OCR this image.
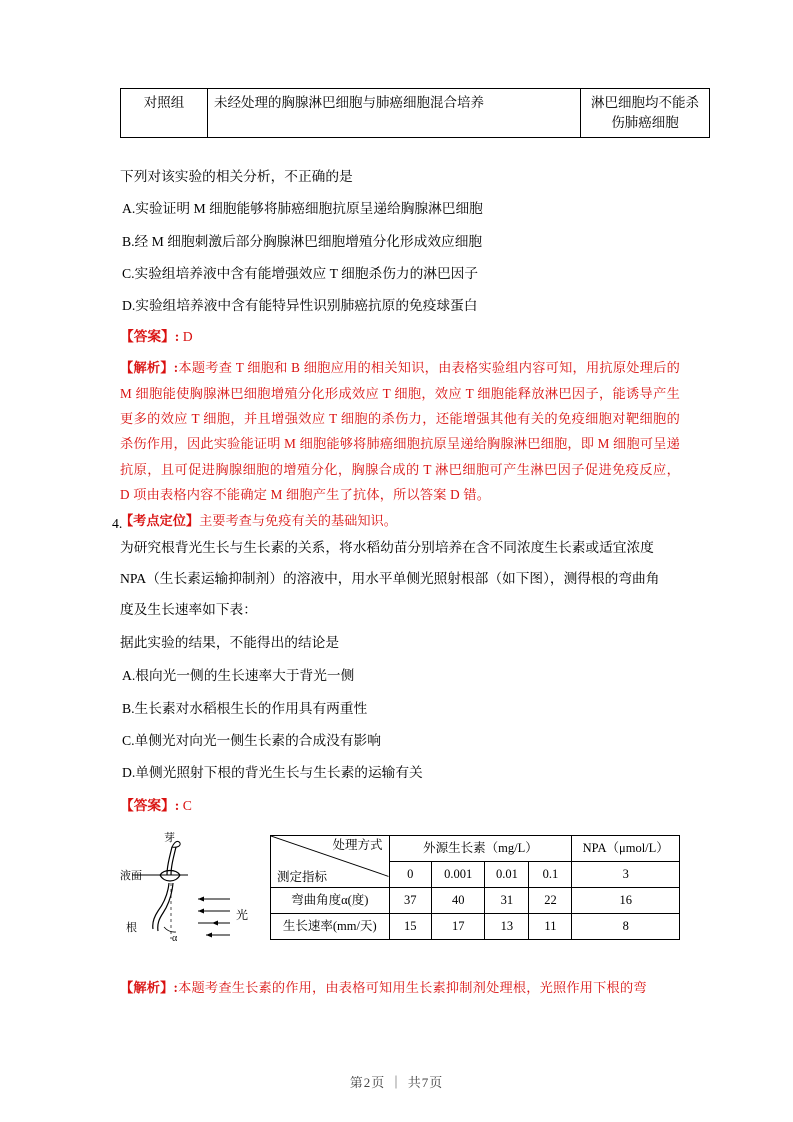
对照组	未经处理的胸腺淋巴细胞与肺癌细胞混合培养	淋巴细胞均不能杀伤肺癌细胞
下列对该实验的相关分析，不正确的是
A.实验证明 M 细胞能够将肺癌细胞抗原呈递给胸腺淋巴细胞
B.经 M 细胞刺激后部分胸腺淋巴细胞增殖分化形成效应细胞
C.实验组培养液中含有能增强效应 T 细胞杀伤力的淋巴因子
D.实验组培养液中含有能特异性识别肺癌抗原的免疫球蛋白
【答案】: D
【解析】:本题考查 T 细胞和 B 细胞应用的相关知识，由表格实验组内容可知，用抗原处理后的 M 细胞能使胸腺淋巴细胞增殖分化形成效应 T 细胞，效应 T 细胞能释放淋巴因子，能诱导产生更多的效应 T 细胞，并且增强效应 T 细胞的杀伤力，还能增强其他有关的免疫细胞对靶细胞的杀伤作用，因此实验能证明 M 细胞能够将肺癌细胞抗原呈递给胸腺淋巴细胞，即 M 细胞可呈递抗原，且可促进胸腺细胞的增殖分化，胸腺合成的 T 淋巴细胞可产生淋巴因子促进免疫反应，D 项由表格内容不能确定 M 细胞产生了抗体，所以答案 D 错。
【考点定位】主要考查与免疫有关的基础知识。
4.
为研究根背光生长与生长素的关系，将水稻幼苗分别培养在含不同浓度生长素或适宜浓度
NPA（生长素运输抑制剂）的溶液中，用水平单侧光照射根部（如下图），测得根的弯曲角
度及生长速率如下表：
据此实验的结果，不能得出的结论是
A.根向光一侧的生长速率大于背光一侧
B.生长素对水稻根生长的作用具有两重性
C.单侧光对向光一侧生长素的合成没有影响
D.单侧光照射下根的背光生长与生长素的运输有关
【答案】: C
芽
液面
根
光
α
处理方式
测定指标	外源生长素（mg/L）				NPA（μmol/L）
	0	0.001	0.01	0.1	3
弯曲角度α(度)	37	40	31	22	16
生长速率(mm/天)	15	17	13	11	8
【解析】:本题考查生长素的作用，由表格可知用生长素抑制剂处理根，光照作用下根的弯
第2页 ｜ 共7页
